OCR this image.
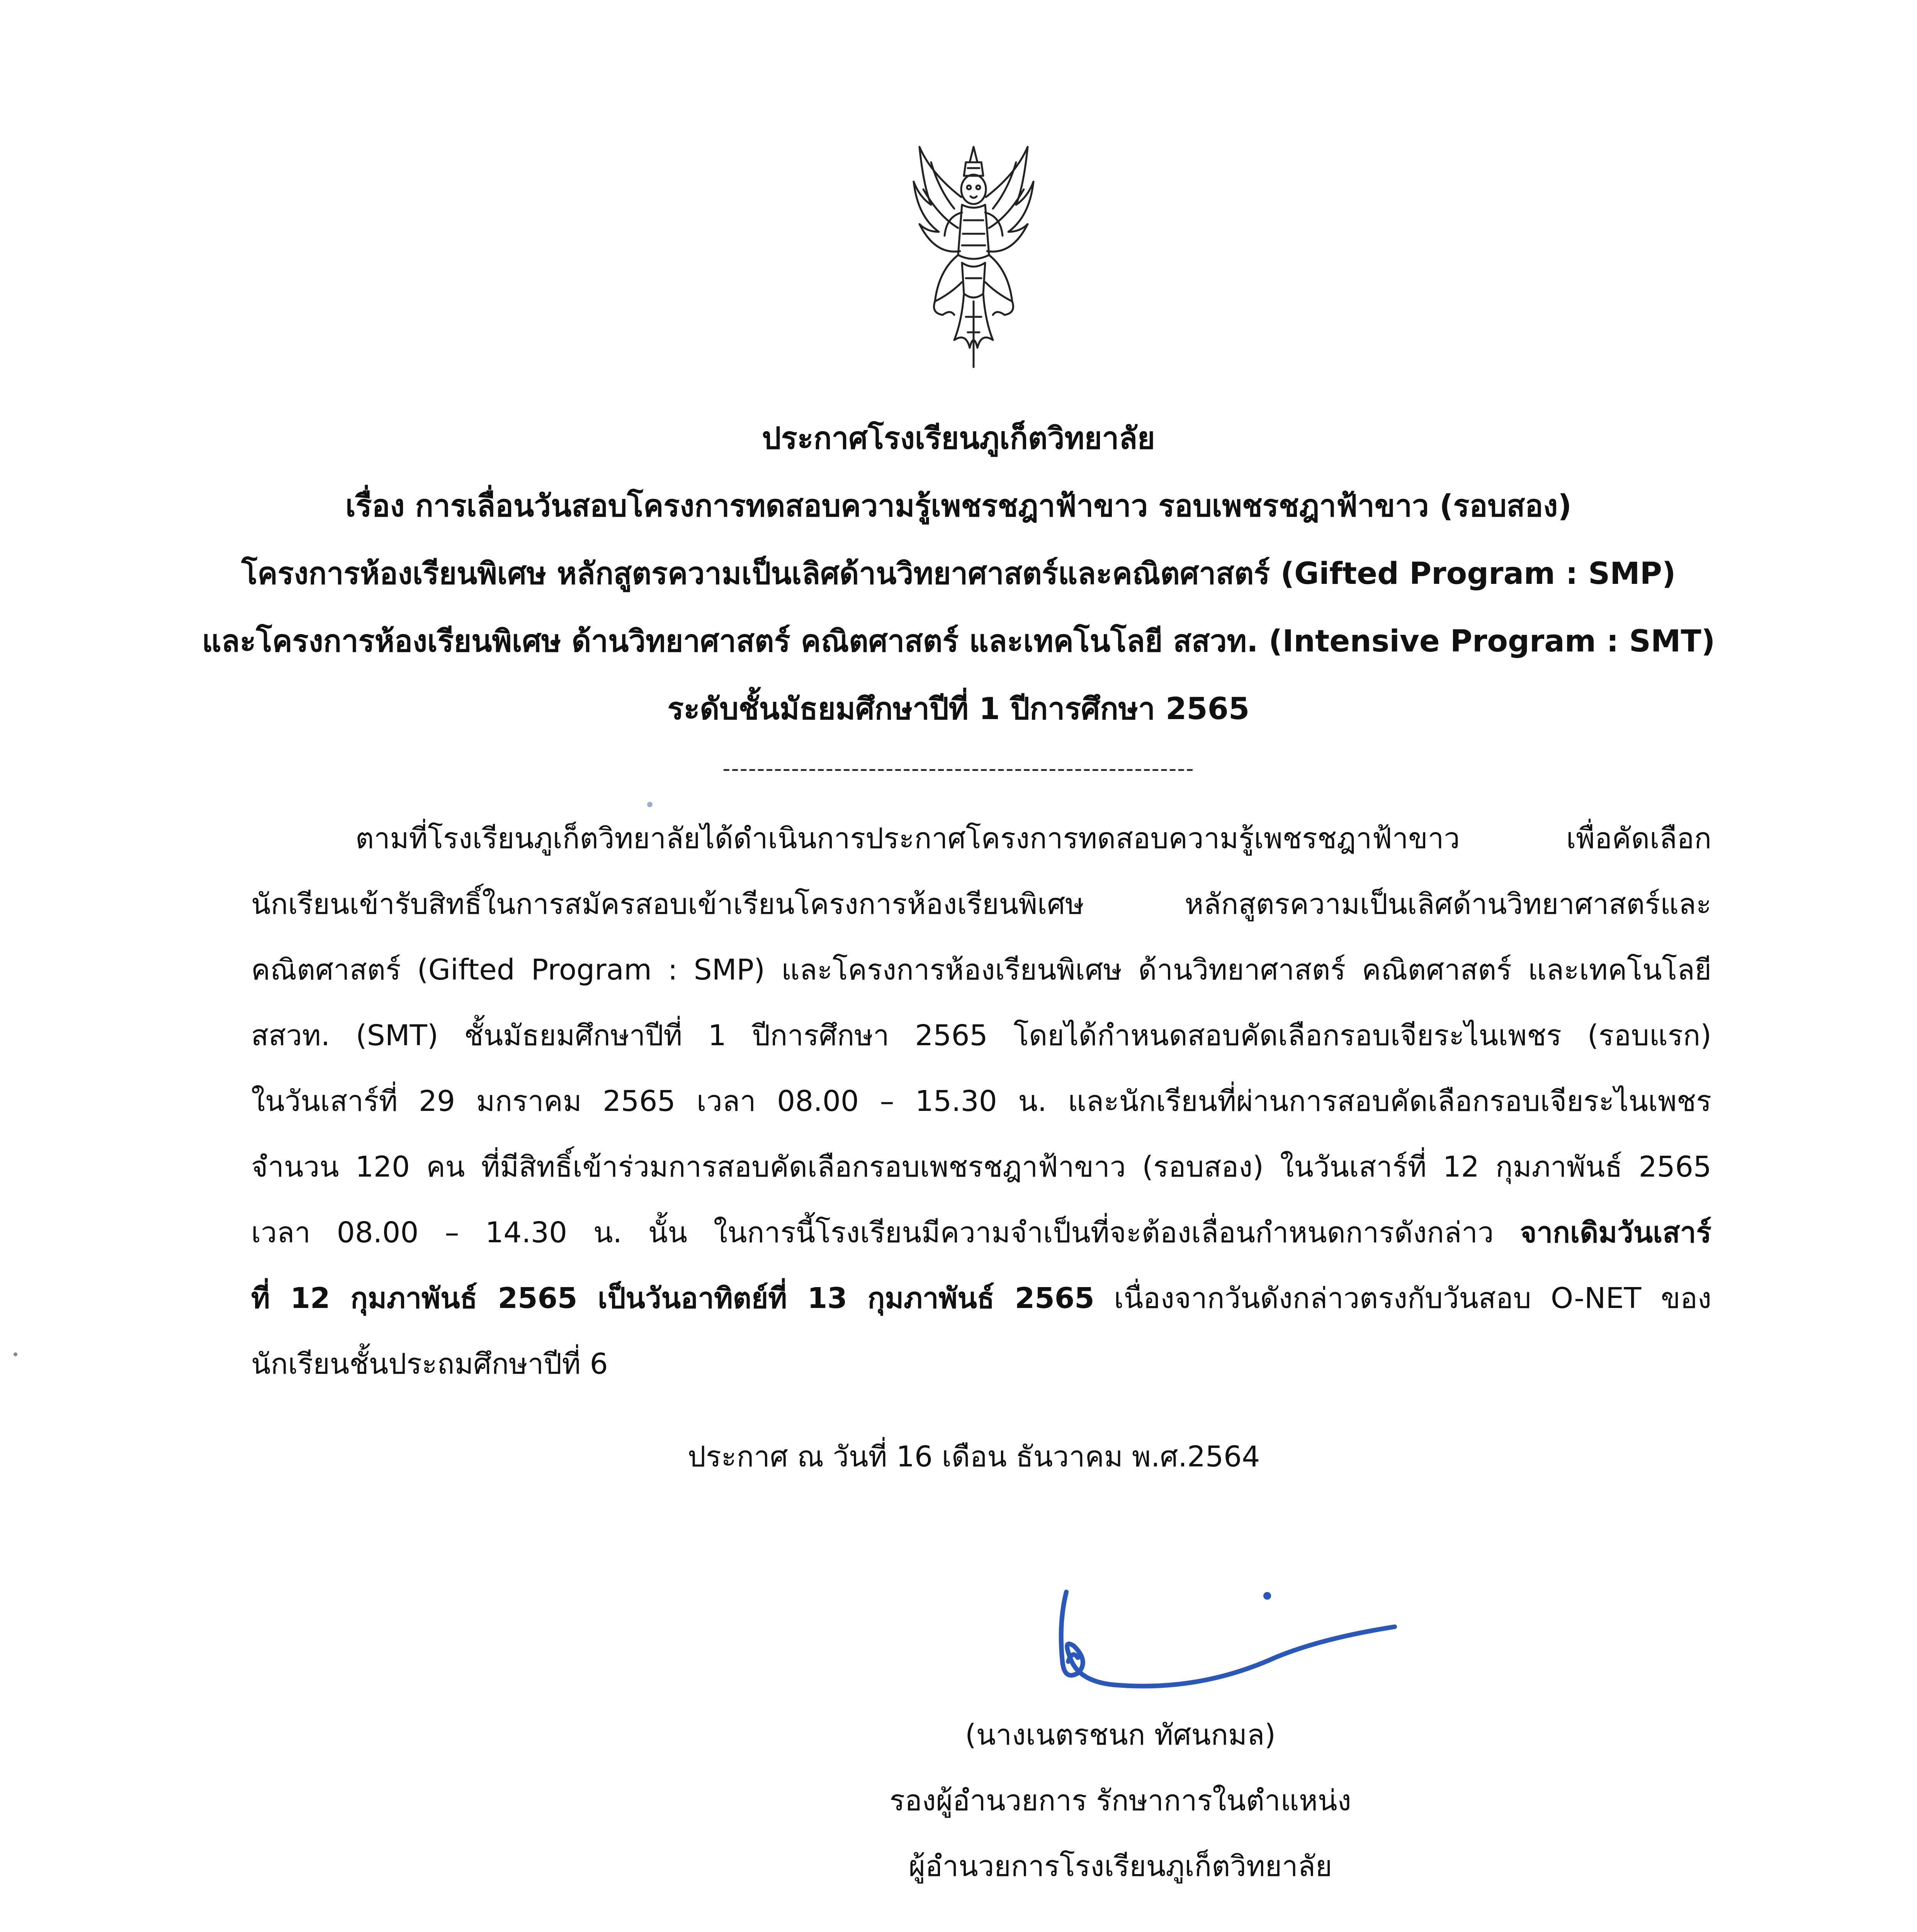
ประกาศโรงเรียนภูเก็ตวิทยาลัย
เรื่อง การเลื่อนวันสอบโครงการทดสอบความรู้เพชรชฎาฟ้าขาว รอบเพชรชฎาฟ้าขาว (รอบสอง)
โครงการห้องเรียนพิเศษ หลักสูตรความเป็นเลิศด้านวิทยาศาสตร์และคณิตศาสตร์ (Gifted Program : SMP)
และโครงการห้องเรียนพิเศษ ด้านวิทยาศาสตร์ คณิตศาสตร์ และเทคโนโลยี สสวท. (Intensive Program : SMT)
ระดับชั้นมัธยมศึกษาปีที่ 1 ปีการศึกษา 2565
-------------------------------------------------------
ตามที่โรงเรียนภูเก็ตวิทยาลัยได้ดำเนินการประกาศโครงการทดสอบความรู้เพชรชฎาฟ้าขาว เพื่อคัดเลือก
นักเรียนเข้ารับสิทธิ์ในการสมัครสอบเข้าเรียนโครงการห้องเรียนพิเศษ หลักสูตรความเป็นเลิศด้านวิทยาศาสตร์และ
คณิตศาสตร์ (Gifted Program : SMP) และโครงการห้องเรียนพิเศษ ด้านวิทยาศาสตร์ คณิตศาสตร์ และเทคโนโลยี
สสวท. (SMT) ชั้นมัธยมศึกษาปีที่ 1 ปีการศึกษา 2565 โดยได้กำหนดสอบคัดเลือกรอบเจียระไนเพชร (รอบแรก)
ในวันเสาร์ที่ 29 มกราคม 2565 เวลา 08.00 – 15.30 น. และนักเรียนที่ผ่านการสอบคัดเลือกรอบเจียระไนเพชร
จำนวน 120 คน ที่มีสิทธิ์เข้าร่วมการสอบคัดเลือกรอบเพชรชฎาฟ้าขาว (รอบสอง) ในวันเสาร์ที่ 12 กุมภาพันธ์ 2565
เวลา 08.00 – 14.30 น. นั้น ในการนี้โรงเรียนมีความจำเป็นที่จะต้องเลื่อนกำหนดการดังกล่าว จากเดิมวันเสาร์
ที่ 12 กุมภาพันธ์ 2565 เป็นวันอาทิตย์ที่ 13 กุมภาพันธ์ 2565 เนื่องจากวันดังกล่าวตรงกับวันสอบ O-NET ของ
นักเรียนชั้นประถมศึกษาปีที่ 6
ประกาศ ณ วันที่ 16 เดือน ธันวาคม พ.ศ.2564
(นางเนตรชนก ทัศนกมล)
รองผู้อำนวยการ รักษาการในตำแหน่ง
ผู้อำนวยการโรงเรียนภูเก็ตวิทยาลัย
